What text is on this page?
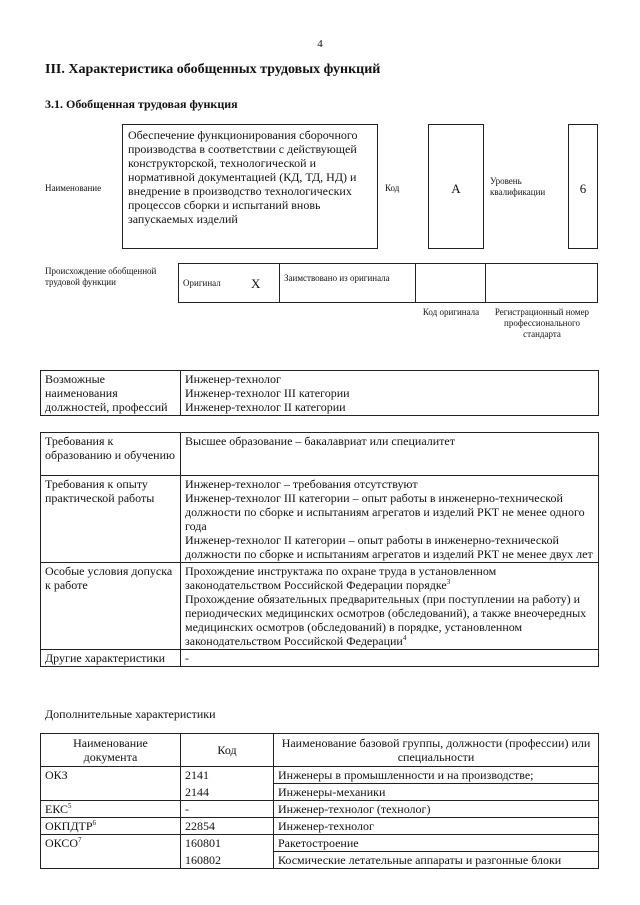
4
III. Характеристика обобщенных трудовых функций
3.1. Обобщенная трудовая функция
Наименование
Обеспечение функционирования сборочного производства в соответствии с действующей конструкторской, технологической и нормативной документацией (КД, ТД, НД) и внедрение в производство технологических процессов сборки и испытаний вновь запускаемых изделий
Код	А	Уровень квалификации	6
Происхождение обобщенной трудовой функции	Оригинал Х	Заимствовано из оригинала
Код оригинала	Регистрационный номер профессионального стандарта
Возможные наименования должностей, профессий	Инженер-технолог
Инженер-технолог III категории
Инженер-технолог II категории
Требования к образованию и обучению	Высшее образование – бакалавриат или специалитет
Требования к опыту практической работы	Инженер-технолог – требования отсутствуют
Инженер-технолог III категории – опыт работы в инженерно-технической должности по сборке и испытаниям агрегатов и изделий РКТ не менее одного года
Инженер-технолог II категории – опыт работы в инженерно-технической должности по сборке и испытаниям агрегатов и изделий РКТ не менее двух лет
Особые условия допуска к работе	Прохождение инструктажа по охране труда в установленном законодательством Российской Федерации порядке$^3$
Прохождение обязательных предварительных (при поступлении на работу) и периодических медицинских осмотров (обследований), а также внеочередных медицинских осмотров (обследований) в порядке, установленном законодательством Российской Федерации$^4$
Другие характеристики	-
Дополнительные характеристики
Наименование документа	Код	Наименование базовой группы, должности (профессии) или специальности
ОКЗ	2141	Инженеры в промышленности и на производстве;
	2144	Инженеры-механики
ЕКС$^5$	-	Инженер-технолог (технолог)
ОКПДТР$^6$	22854	Инженер-технолог
ОКСО$^7$	160801	Ракетостроение
	160802	Космические летательные аппараты и разгонные блоки
